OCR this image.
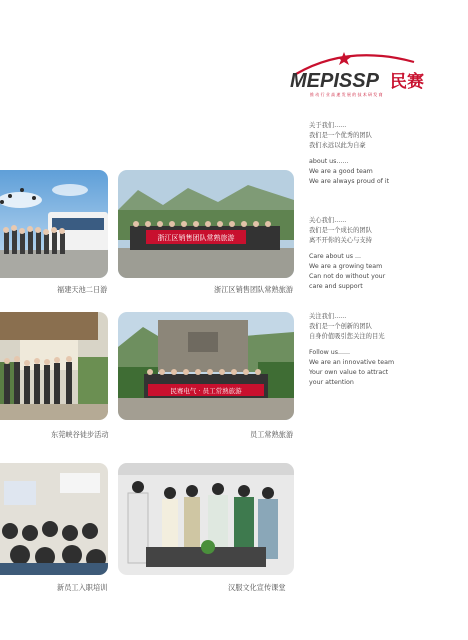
MEPISSP 民赛
推 动 行 业 高 速 发 展 的 技 术 研 发 商

关于我们......

我们是一个优秀的团队

我们永远以此为自豪

about us......

We are a good team

We are always proud of it

关心我们......

我们是一个成长的团队

离不开你的关心与支持

Care about us ...

We are a growing team

Can not do without your

care and support

关注我们......

我们是一个创新的团队

自身价值吸引您关注的目光

Follow us......

We are an innovative team

Your own value to attract

your attention

福建天池二日游
浙江区销售团队常熟旅游
浙江区销售团队常熟旅游
东莞峡谷徒步活动
民赛电气 · 员工常熟旅游
员工常熟旅游
新员工入职培训	汉服文化宣传课堂
